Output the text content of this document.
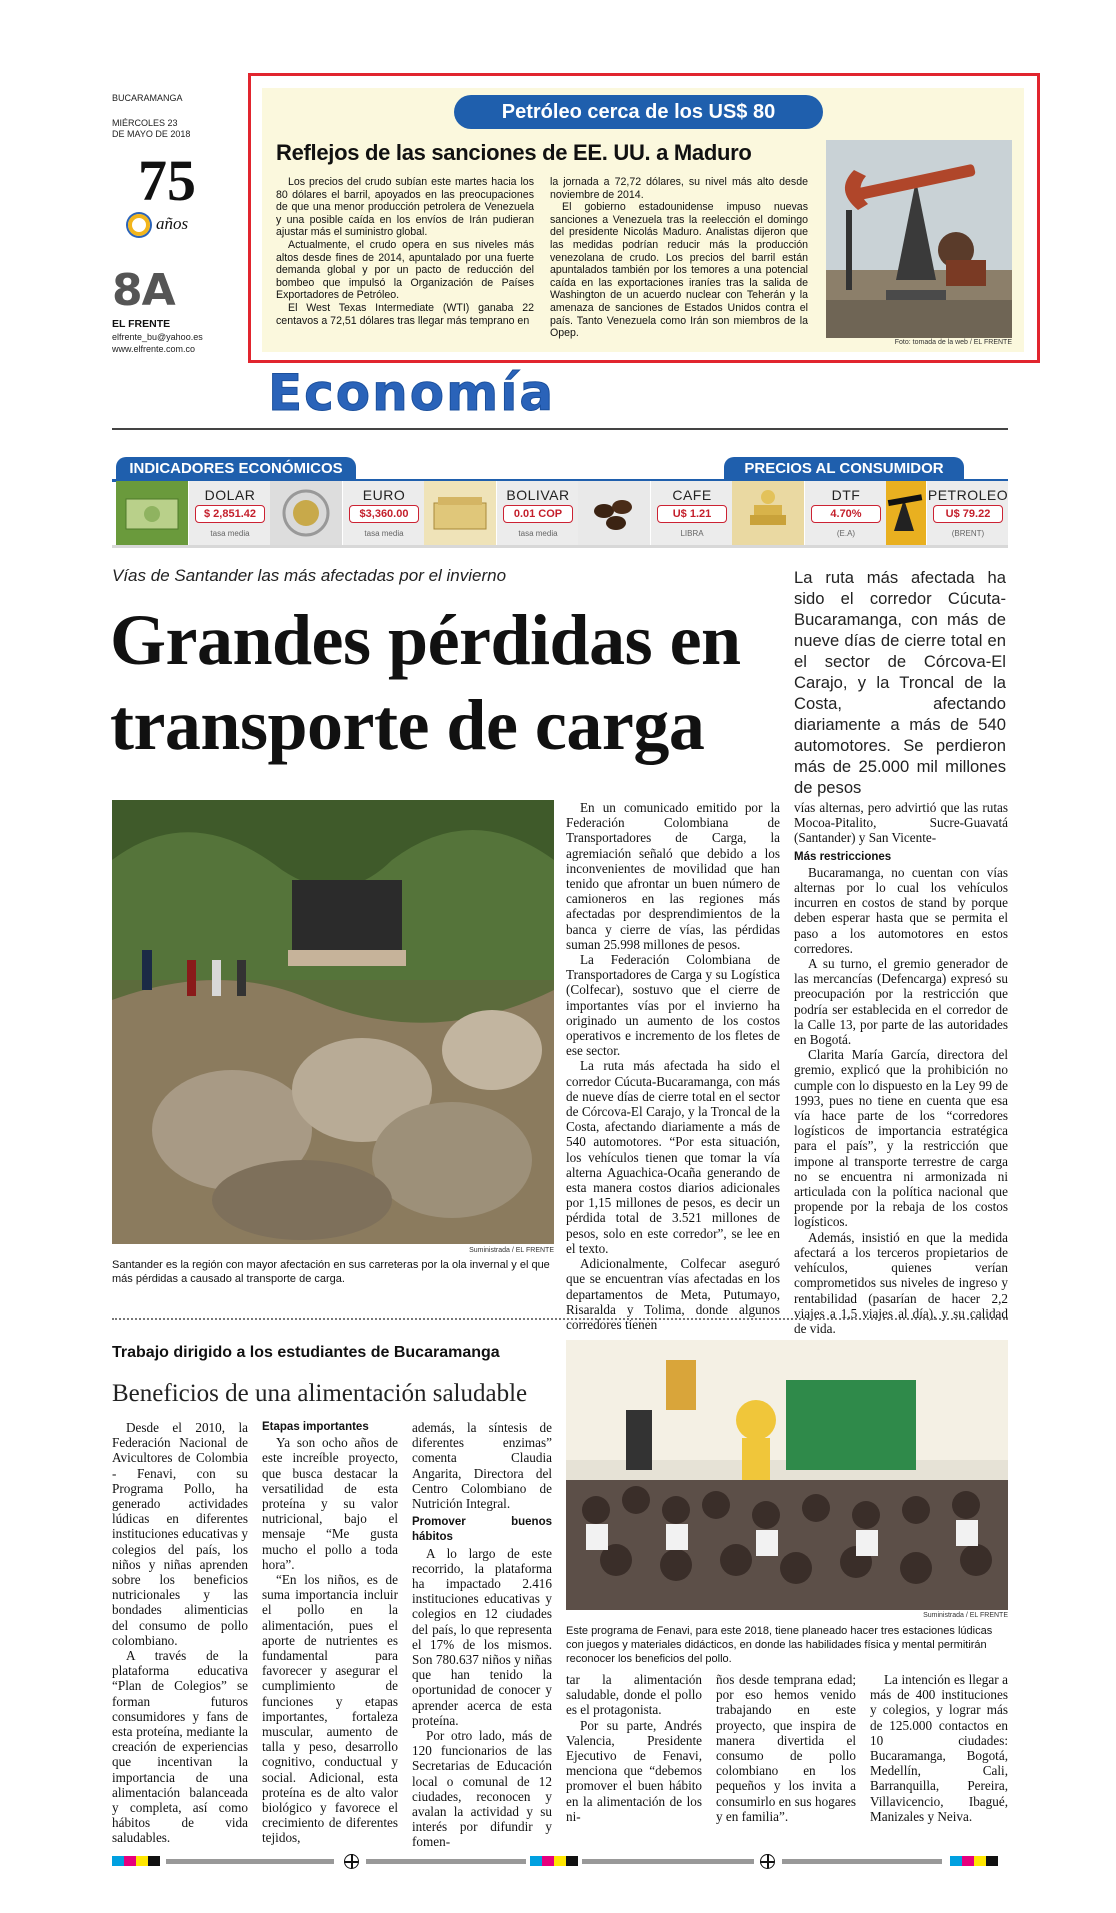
BUCARAMANGA
MIÉRCOLES 23
DE MAYO DE 2018
75
años
8A
EL FRENTE
elfrente_bu@yahoo.es
www.elfrente.com.co
Petróleo cerca de los US$ 80
Reflejos de las sanciones de EE. UU. a Maduro

Los precios del crudo subían este martes hacia los 80 dólares el barril, apoyados en las preocupaciones de que una menor producción petrolera de Venezuela y una posible caída en los envíos de Irán pudieran ajustar más el suministro global.

Actualmente, el crudo opera en sus niveles más altos desde fines de 2014, apuntalado por una fuerte demanda global y por un pacto de reducción del bombeo que impulsó la Organización de Países Exportadores de Petróleo.

El West Texas Intermediate (WTI) ganaba 22 centavos a 72,51 dólares tras llegar más temprano en

la jornada a 72,72 dólares, su nivel más alto desde noviembre de 2014.

El gobierno estadounidense impuso nuevas sanciones a Venezuela tras la reelección el domingo del presidente Nicolás Maduro. Analistas dijeron que las medidas podrían reducir más la producción venezolana de crudo. Los precios del barril están apuntalados también por los temores a una potencial caída en las exportaciones iraníes tras la salida de Washington de un acuerdo nuclear con Teherán y la amenaza de sanciones de Estados Unidos contra el país. Tanto Venezuela como Irán son miembros de la Opep.

Foto: tomada de la web / EL FRENTE
Economía
INDICADORES ECONÓMICOS	PRECIOS AL CONSUMIDOR
DOLAR
$ 2,851.42
tasa media
EURO
$3,360.00
tasa media
BOLIVAR
0.01 COP
tasa media
CAFE
U$ 1.21
LIBRA
DTF
4.70%
(E.A)
PETROLEO
U$ 79.22
(BRENT)
Vías de Santander las más afectadas por el invierno
Grandes pérdidas en
transporte de carga
La ruta más afectada ha sido el corredor Cúcuta-Bucaramanga, con más de nueve días de cierre total en el sector de Córcova-El Carajo, y la Troncal de la Costa, afectando diariamente a más de 540 automotores. Se perdieron más de 25.000 mil millones de pesos
Suministrada / EL FRENTE
Santander es la región con mayor afectación en sus carreteras por la ola invernal y el que más pérdidas a causado al transporte de carga.

En un comunicado emitido por la Federación Colombiana de Transportadores de Carga, la agremiación señaló que debido a los inconvenientes de movilidad que han tenido que afrontar un buen número de camioneros en las regiones más afectadas por desprendimientos de la banca y cierre de vías, las pérdidas suman 25.998 millones de pesos.

La Federación Colombiana de Transportadores de Carga y su Logística (Colfecar), sostuvo que el cierre de importantes vías por el invierno ha originado un aumento de los costos operativos e incremento de los fletes de ese sector.

La ruta más afectada ha sido el corredor Cúcuta-Bucaramanga, con más de nueve días de cierre total en el sector de Córcova-El Carajo, y la Troncal de la Costa, afectando diariamente a más de 540 automotores. “Por esta situación, los vehículos tienen que tomar la vía alterna Aguachica-Ocaña generando de esta manera costos diarios adicionales por 1,15 millones de pesos, es decir un pérdida total de 3.521 millones de pesos, solo en este corredor”, se lee en el texto.

Adicionalmente, Colfecar aseguró que se encuentran vías afectadas en los departamentos de Meta, Putumayo, Risaralda y Tolima, donde algunos corredores tienen

vías alternas, pero advirtió que las rutas Mocoa-Pitalito, Sucre-Guavatá (Santander) y San Vicente-

Más restricciones

Bucaramanga, no cuentan con vías alternas por lo cual los vehículos incurren en costos de stand by porque deben esperar hasta que se permita el paso a los automotores en estos corredores.

A su turno, el gremio generador de las mercancías (Defencarga) expresó su preocupación por la restricción que podría ser establecida en el corredor de la Calle 13, por parte de las autoridades en Bogotá.

Clarita María García, directora del gremio, explicó que la prohibición no cumple con lo dispuesto en la Ley 99 de 1993, pues no tiene en cuenta que esa vía hace parte de los “corredores logísticos de importancia estratégica para el país”, y la restricción que impone al transporte terrestre de carga no se encuentra ni armonizada ni articulada con la política nacional que propende por la rebaja de los costos logísticos.

Además, insistió en que la medida afectará a los terceros propietarios de vehículos, quienes verían comprometidos sus niveles de ingreso y rentabilidad (pasarían de hacer 2,2 viajes a 1,5 viajes al día), y su calidad de vida.

Trabajo dirigido a los estudiantes de Bucaramanga
Beneficios de una alimentación saludable
Suministrada / EL FRENTE
Este programa de Fenavi, para este 2018, tiene planeado hacer tres estaciones lúdicas con juegos y materiales didácticos, en donde las habilidades física y mental permitirán reconocer los beneficios del pollo.

Desde el 2010, la Federación Nacional de Avicultores de Colombia - Fenavi, con su Programa Pollo, ha generado actividades lúdicas en diferentes instituciones educativas y colegios del país, los niños y niñas aprenden sobre los beneficios nutricionales y las bondades alimenticias del consumo de pollo colombiano.

A través de la plataforma educativa “Plan de Colegios” se forman futuros consumidores y fans de esta proteína, mediante la creación de experiencias que incentivan la importancia de una alimentación balanceada y completa, así como hábitos de vida saludables.

Etapas importantes

Ya son ocho años de este increíble proyecto, que busca destacar la versatilidad de esta proteína y su valor nutricional, bajo el mensaje “Me gusta mucho el pollo a toda hora”.

“En los niños, es de suma importancia incluir el pollo en la alimentación, pues el aporte de nutrientes es fundamental para favorecer y asegurar el cumplimiento de funciones y etapas importantes, fortaleza muscular, aumento de talla y peso, desarrollo cognitivo, conductual y social. Adicional, esta proteína es de alto valor biológico y favorece el crecimiento de diferentes tejidos,

además, la síntesis de diferentes enzimas” comenta Claudia Angarita, Directora del Centro Colombiano de Nutrición Integral.

Promover buenos hábitos

A lo largo de este recorrido, la plataforma ha impactado 2.416 instituciones educativas y colegios en 12 ciudades del país, lo que representa el 17% de los mismos. Son 780.637 niños y niñas que han tenido la oportunidad de conocer y aprender acerca de esta proteína.

Por otro lado, más de 120 funcionarios de las Secretarias de Educación local o comunal de 12 ciudades, reconocen y avalan la actividad y su interés por difundir y fomen-

tar la alimentación saludable, donde el pollo es el protagonista.

Por su parte, Andrés Valencia, Presidente Ejecutivo de Fenavi, menciona que “debemos promover el buen hábito en la alimentación de los ni-

ños desde temprana edad; por eso hemos venido trabajando en este proyecto, que inspira de manera divertida el consumo de pollo colombiano en los pequeños y los invita a consumirlo en sus hogares y en familia”.

La intención es llegar a más de 400 instituciones y colegios, y lograr más de 125.000 contactos en 10 ciudades: Bucaramanga, Bogotá, Medellín, Cali, Barranquilla, Pereira, Villavicencio, Ibagué, Manizales y Neiva.
